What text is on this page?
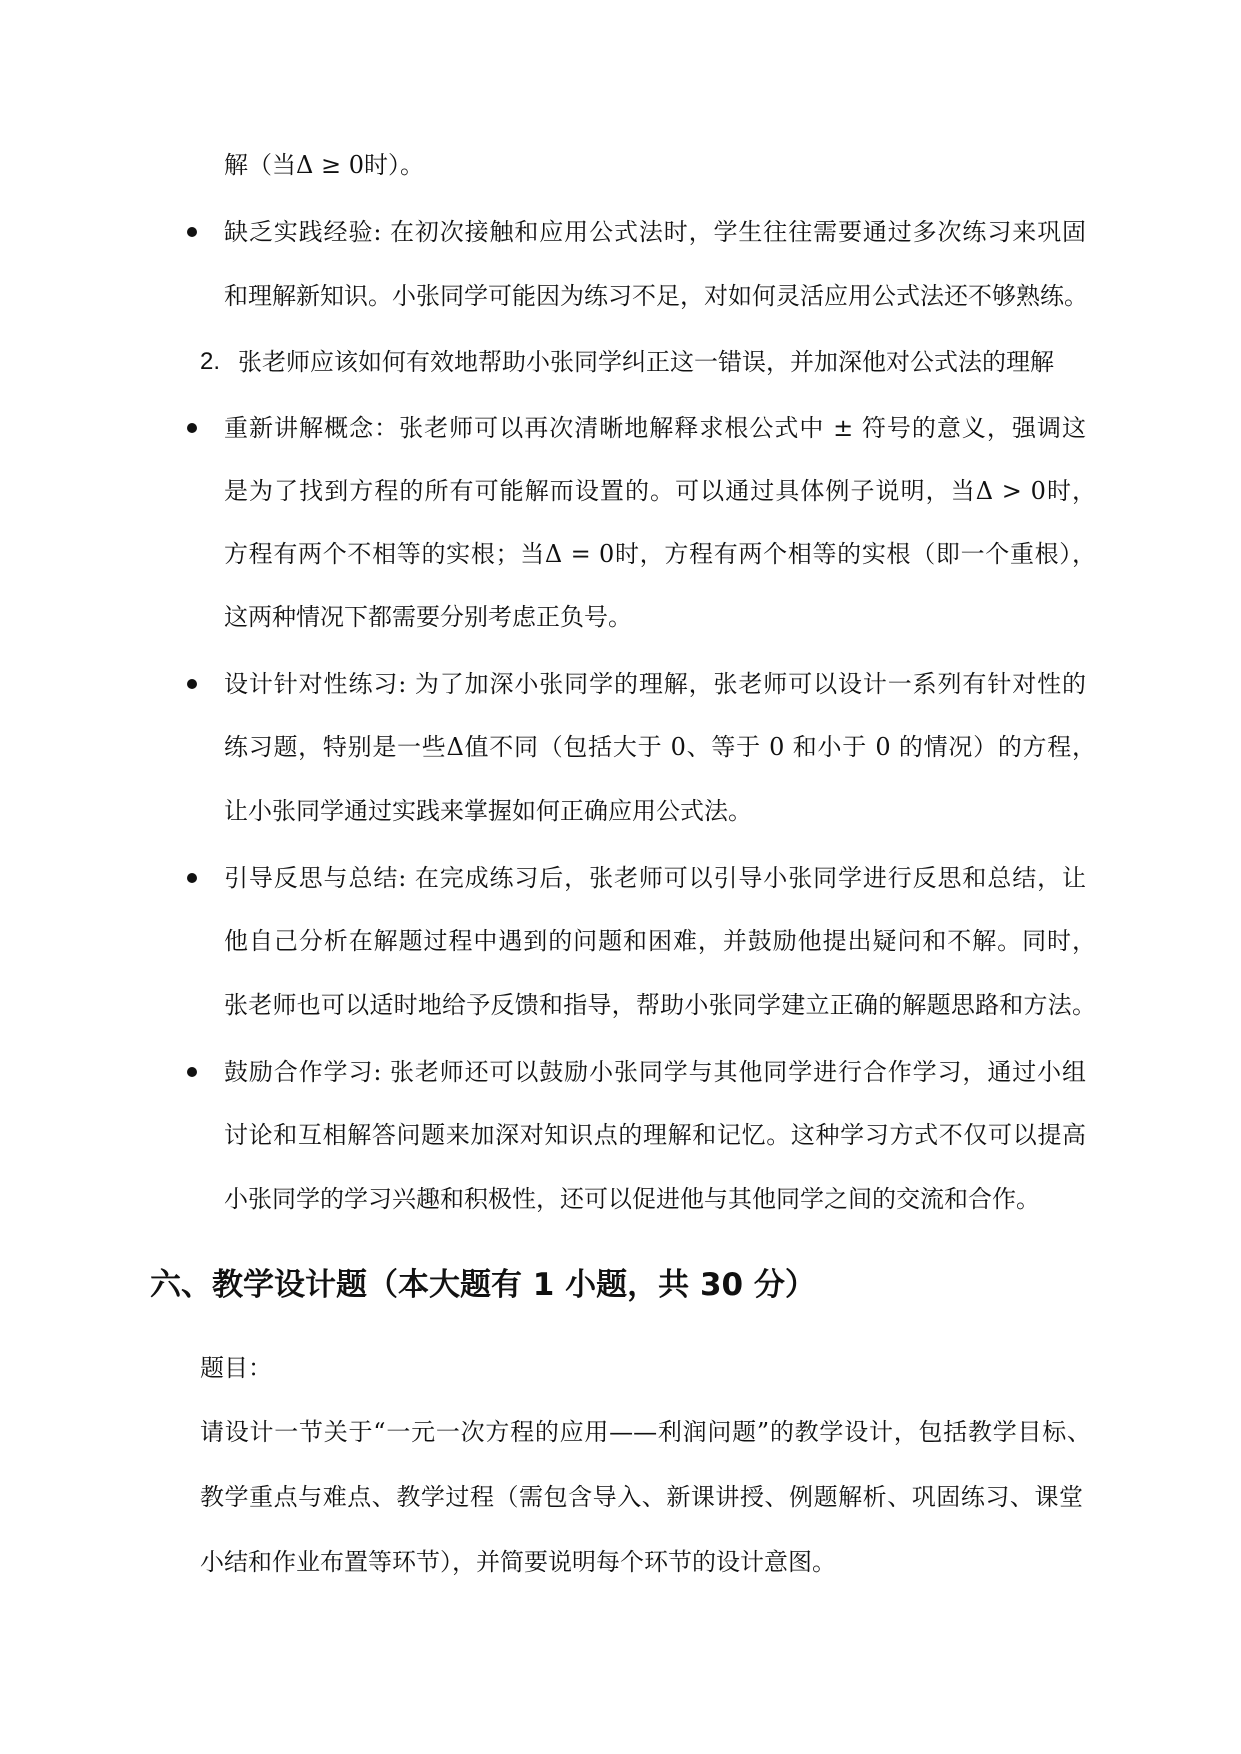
解（当Δ ≥ 0时）。
缺乏实践经验: 在初次接触和应用公式法时，学生往往需要通过多次练习来巩固
和理解新知识。小张同学可能因为练习不足，对如何灵活应用公式法还不够熟练。
2. 张老师应该如何有效地帮助小张同学纠正这一错误，并加深他对公式法的理解
重新讲解概念：张老师可以再次清晰地解释求根公式中 ± 符号的意义，强调这
是为了找到方程的所有可能解而设置的。可以通过具体例子说明，当Δ > 0时，
方程有两个不相等的实根；当Δ = 0时，方程有两个相等的实根（即一个重根），
这两种情况下都需要分别考虑正负号。
设计针对性练习: 为了加深小张同学的理解，张老师可以设计一系列有针对性的
练习题，特别是一些Δ值不同（包括大于 0、等于 0 和小于 0 的情况）的方程，
让小张同学通过实践来掌握如何正确应用公式法。
引导反思与总结: 在完成练习后，张老师可以引导小张同学进行反思和总结，让
他自己分析在解题过程中遇到的问题和困难，并鼓励他提出疑问和不解。同时，
张老师也可以适时地给予反馈和指导，帮助小张同学建立正确的解题思路和方法。
鼓励合作学习: 张老师还可以鼓励小张同学与其他同学进行合作学习，通过小组
讨论和互相解答问题来加深对知识点的理解和记忆。这种学习方式不仅可以提高
小张同学的学习兴趣和积极性，还可以促进他与其他同学之间的交流和合作。
六、教学设计题（本大题有 1 小题，共 30 分）
题目：
请设计一节关于“一元一次方程的应用——利润问题”的教学设计，包括教学目标、
教学重点与难点、教学过程（需包含导入、新课讲授、例题解析、巩固练习、课堂
小结和作业布置等环节），并简要说明每个环节的设计意图。
